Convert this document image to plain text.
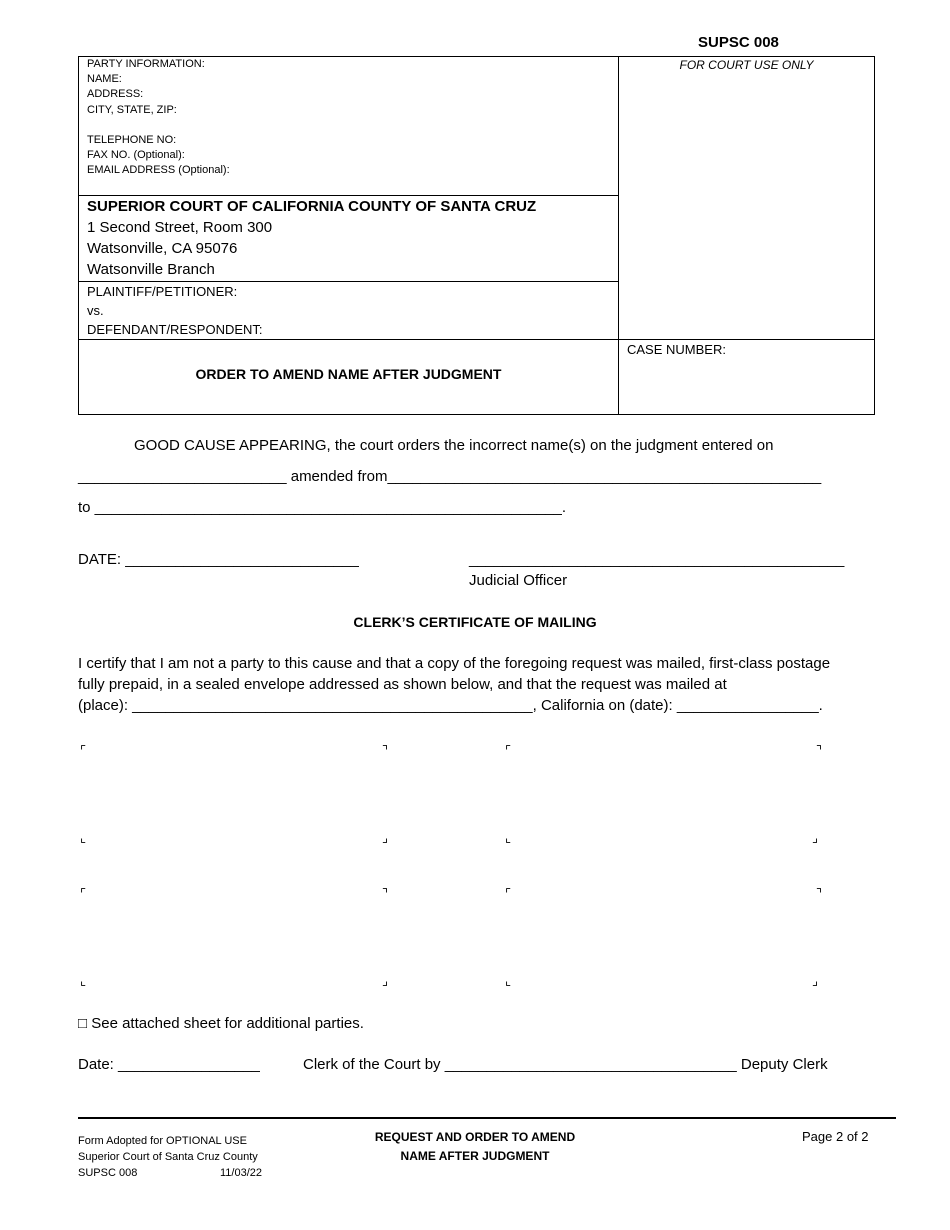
SUPSC 008
PARTY INFORMATION:
NAME:
ADDRESS:
CITY, STATE, ZIP:
TELEPHONE NO:
FAX NO. (Optional):
EMAIL ADDRESS (Optional):
FOR COURT USE ONLY
SUPERIOR COURT OF CALIFORNIA COUNTY OF SANTA CRUZ
1 Second Street, Room 300
Watsonville, CA 95076
Watsonville Branch
PLAINTIFF/PETITIONER:
vs.
DEFENDANT/RESPONDENT:
ORDER TO AMEND NAME AFTER JUDGMENT
CASE NUMBER:
GOOD CAUSE APPEARING, the court orders the incorrect name(s) on the judgment entered on
_________________________ amended from____________________________________________________
to ________________________________________________________.
DATE: ____________________________	_____________________________________________
Judicial Officer
CLERK’S CERTIFICATE OF MAILING
I certify that I am not a party to this cause and that a copy of the foregoing request was mailed, first-class postage
fully prepaid, in a sealed envelope addressed as shown below, and that the request was mailed at
(place): ________________________________________________, California on (date): _________________.
⌜	⌝
⌞	⌟
⌜	⌝
⌞	⌟
⌜	⌝
⌞	⌟
⌜	⌝
⌞	⌟
□ See attached sheet for additional parties.
Date: _________________	Clerk of the Court by ___________________________________ Deputy Clerk
Form Adopted for OPTIONAL USE
Superior Court of Santa Cruz County
SUPSC 008	11/03/22
REQUEST AND ORDER TO AMEND
NAME AFTER JUDGMENT
Page 2 of 2
